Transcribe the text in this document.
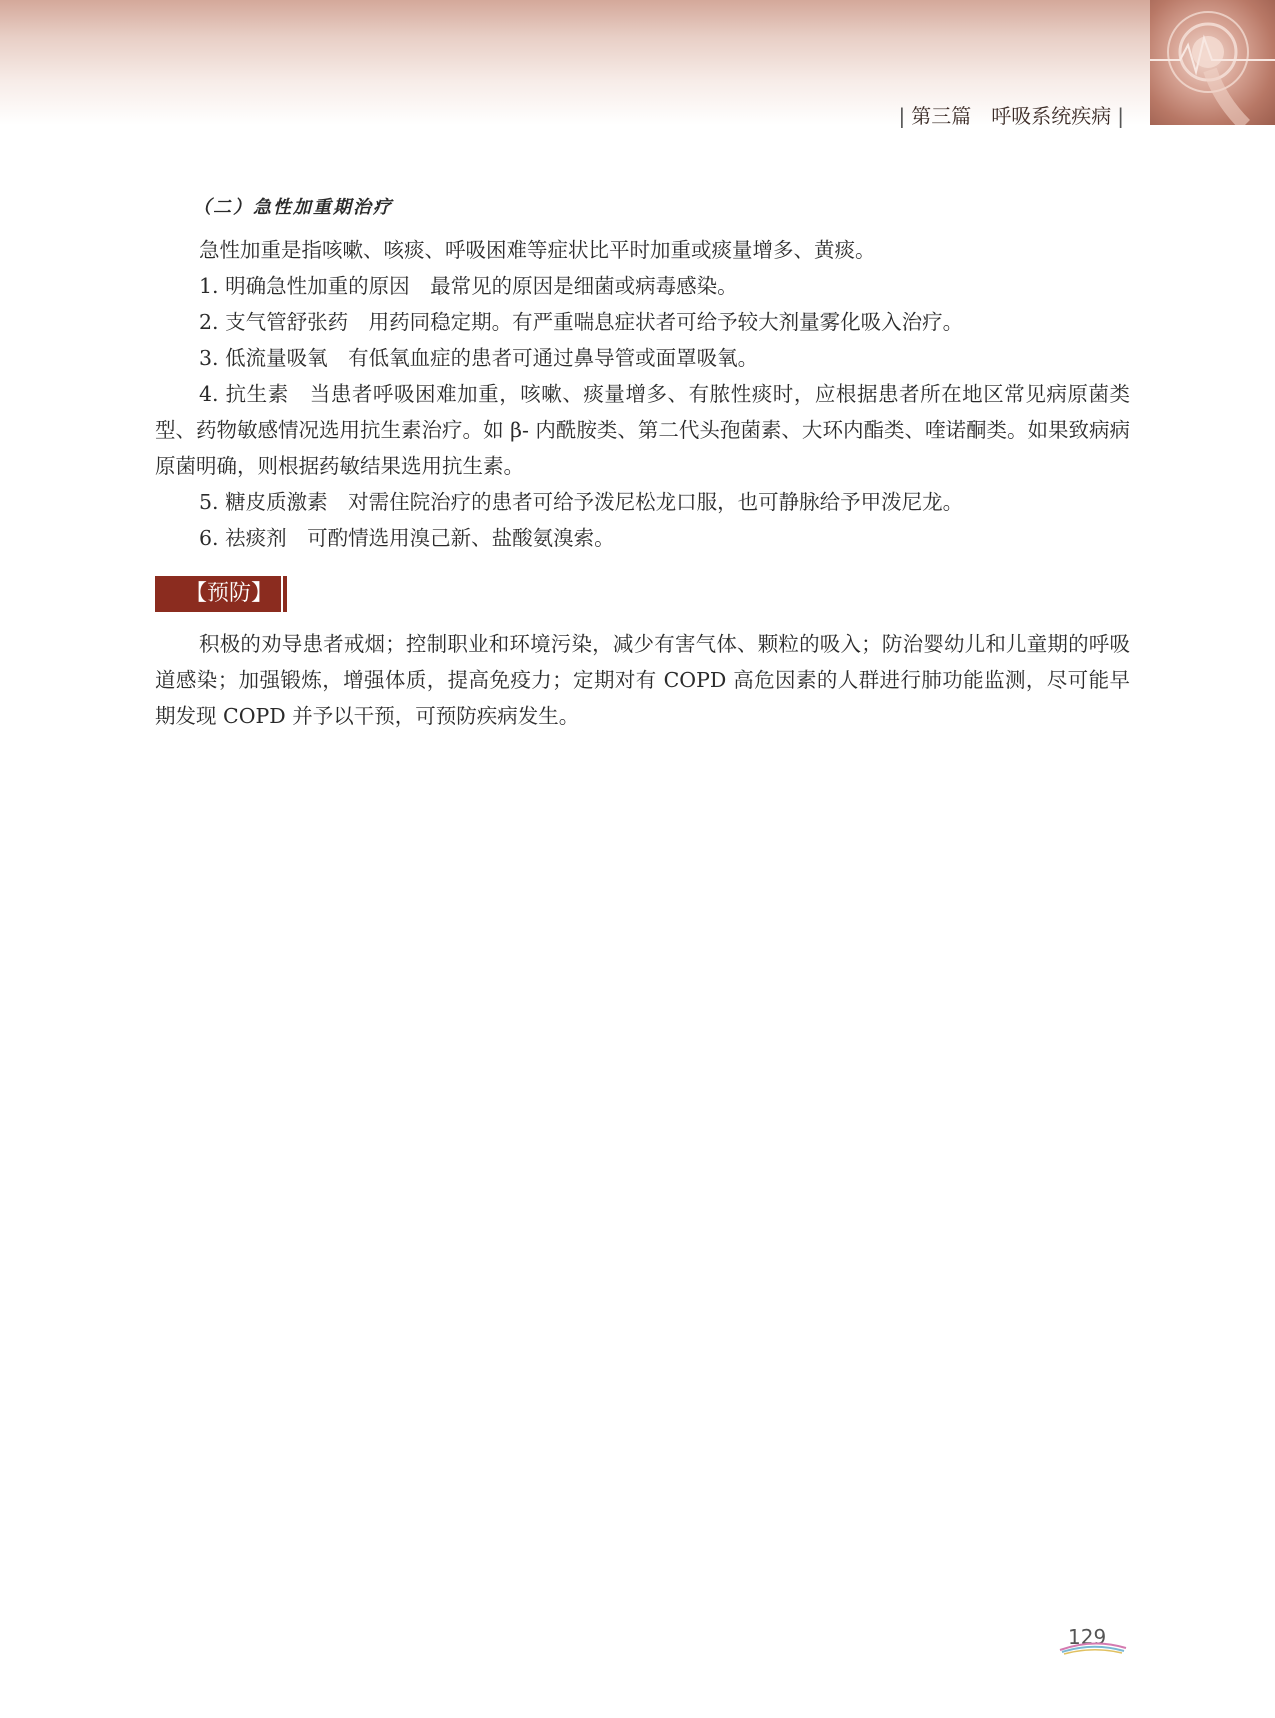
| 第三篇　 呼吸系统疾病 |
（二）急性加重期治疗

急性加重是指咳嗽、咳痰、呼吸困难等症状比平时加重或痰量增多、黄痰。

1. 明确急性加重的原因　最常见的原因是细菌或病毒感染。

2. 支气管舒张药　用药同稳定期。有严重喘息症状者可给予较大剂量雾化吸入治疗。

3. 低流量吸氧　有低氧血症的患者可通过鼻导管或面罩吸氧。

4. 抗生素　当患者呼吸困难加重，咳嗽、痰量增多、有脓性痰时，应根据患者所在地区常见病原菌类型、药物敏感情况选用抗生素治疗。如 β- 内酰胺类、第二代头孢菌素、大环内酯类、喹诺酮类。如果致病病原菌明确，则根据药敏结果选用抗生素。

5. 糖皮质激素　对需住院治疗的患者可给予泼尼松龙口服，也可静脉给予甲泼尼龙。

6. 祛痰剂　可酌情选用溴己新、盐酸氨溴索。

【预防】

积极的劝导患者戒烟；控制职业和环境污染，减少有害气体、颗粒的吸入；防治婴幼儿和儿童期的呼吸道感染；加强锻炼，增强体质，提高免疫力；定期对有 COPD 高危因素的人群进行肺功能监测，尽可能早期发现 COPD 并予以干预，可预防疾病发生。

129
